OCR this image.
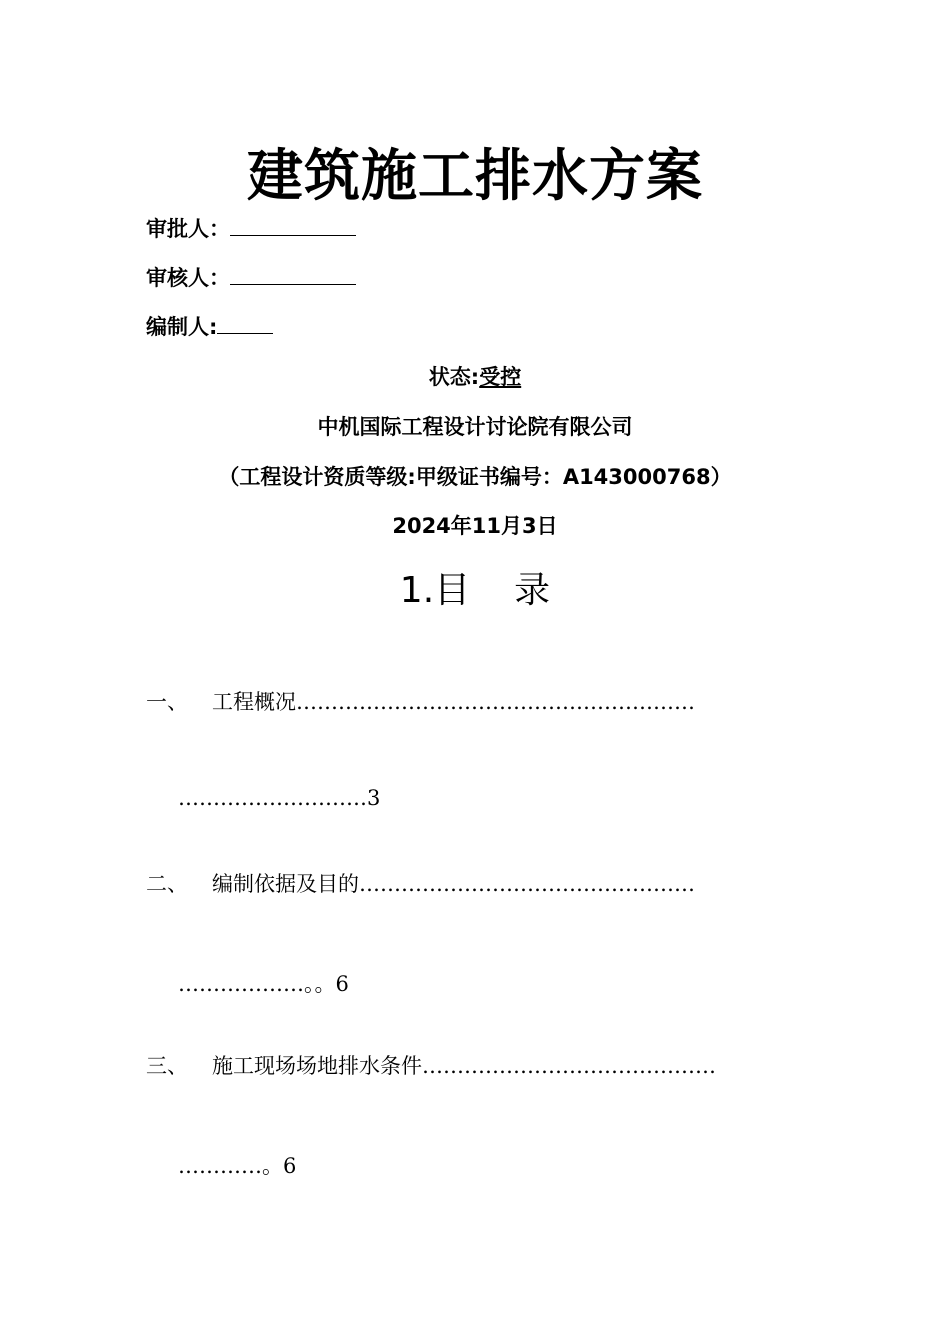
建筑施工排水方案
审批人：
审核人：
编制人:
状态:受控
中机国际工程设计讨论院有限公司
（工程设计资质等级:甲级证书编号：A143000768）
2024年11月3日
1.目 录
一、 工程概况…………………………………………………
………………………3
二、 编制依据及目的…………………………………………
………………。。6
三、 施工现场场地排水条件……………………………………
…………。6
